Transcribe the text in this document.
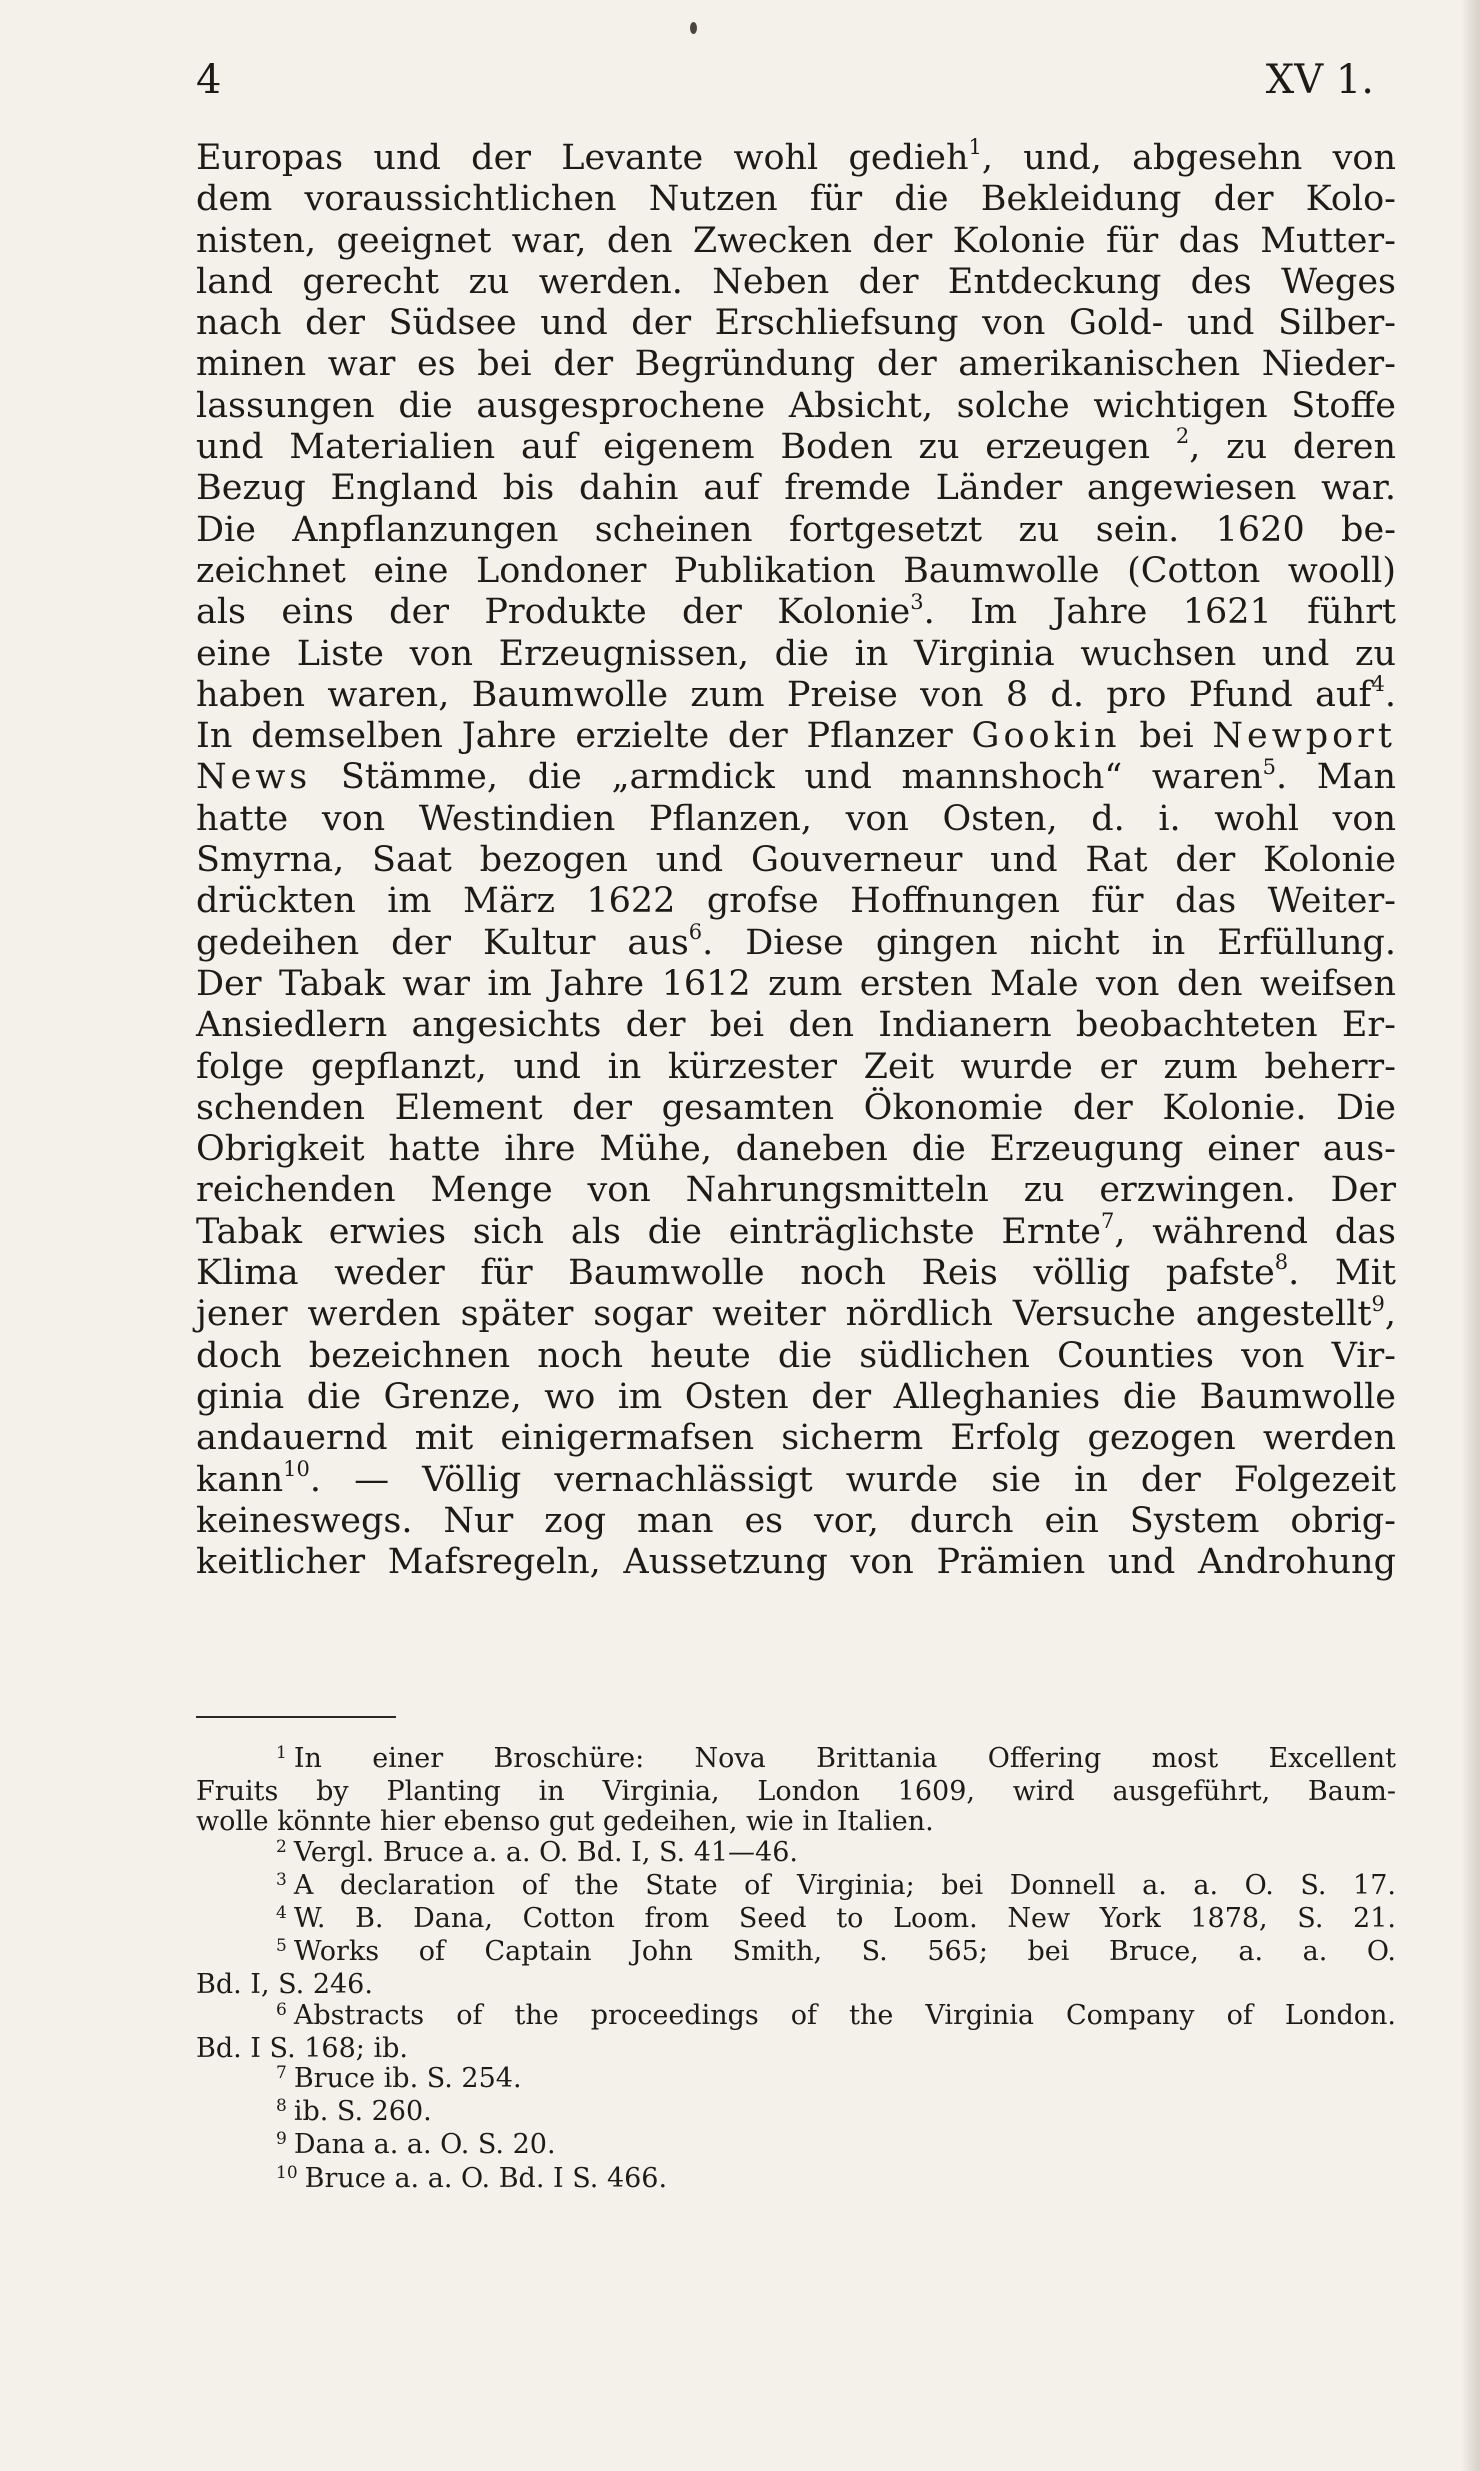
4	XV 1.
Europas und der Levante wohl gedieh$^1$, und, abgesehn von
dem voraussichtlichen Nutzen für die Bekleidung der Kolo-
nisten, geeignet war, den Zwecken der Kolonie für das Mutter-
land gerecht zu werden. Neben der Entdeckung des Weges
nach der Südsee und der Erschliefsung von Gold- und Silber-
minen war es bei der Begründung der amerikanischen Nieder-
lassungen die ausgesprochene Absicht, solche wichtigen Stoffe
und Materialien auf eigenem Boden zu erzeugen $^2$, zu deren
Bezug England bis dahin auf fremde Länder angewiesen war.
Die Anpflanzungen scheinen fortgesetzt zu sein. 1620 be-
zeichnet eine Londoner Publikation Baumwolle (Cotton wooll)
als eins der Produkte der Kolonie$^3$. Im Jahre 1621 führt
eine Liste von Erzeugnissen, die in Virginia wuchsen und zu
haben waren, Baumwolle zum Preise von 8 d. pro Pfund auf$^4$.
In demselben Jahre erzielte der Pflanzer Gookin bei Newport
News Stämme, die „armdick und mannshoch“ waren$^5$. Man
hatte von Westindien Pflanzen, von Osten, d. i. wohl von
Smyrna, Saat bezogen und Gouverneur und Rat der Kolonie
drückten im März 1622 grofse Hoffnungen für das Weiter-
gedeihen der Kultur aus$^6$. Diese gingen nicht in Erfüllung.
Der Tabak war im Jahre 1612 zum ersten Male von den weifsen
Ansiedlern angesichts der bei den Indianern beobachteten Er-
folge gepflanzt, und in kürzester Zeit wurde er zum beherr-
schenden Element der gesamten Ökonomie der Kolonie. Die
Obrigkeit hatte ihre Mühe, daneben die Erzeugung einer aus-
reichenden Menge von Nahrungsmitteln zu erzwingen. Der
Tabak erwies sich als die einträglichste Ernte$^7$, während das
Klima weder für Baumwolle noch Reis völlig pafste$^8$. Mit
jener werden später sogar weiter nördlich Versuche angestellt$^9$,
doch bezeichnen noch heute die südlichen Counties von Vir-
ginia die Grenze, wo im Osten der Alleghanies die Baumwolle
andauernd mit einigermafsen sicherm Erfolg gezogen werden
kann$^{10}$. — Völlig vernachlässigt wurde sie in der Folgezeit
keineswegs. Nur zog man es vor, durch ein System obrig-
keitlicher Mafsregeln, Aussetzung von Prämien und Androhung
$^1$ In einer Broschüre: Nova Brittania Offering most Excellent
Fruits by Planting in Virginia, London 1609, wird ausgeführt, Baum-
wolle könnte hier ebenso gut gedeihen, wie in Italien.
$^2$ Vergl. Bruce a. a. O. Bd. I, S. 41—46.
$^3$ A declaration of the State of Virginia; bei Donnell a. a. O. S. 17.
$^4$ W. B. Dana, Cotton from Seed to Loom. New York 1878, S. 21.
$^5$ Works of Captain John Smith, S. 565; bei Bruce, a. a. O.
Bd. I, S. 246.
$^6$ Abstracts of the proceedings of the Virginia Company of London.
Bd. I S. 168; ib.
$^7$ Bruce ib. S. 254.
$^8$ ib. S. 260.
$^9$ Dana a. a. O. S. 20.
$^{10}$ Bruce a. a. O. Bd. I S. 466.
